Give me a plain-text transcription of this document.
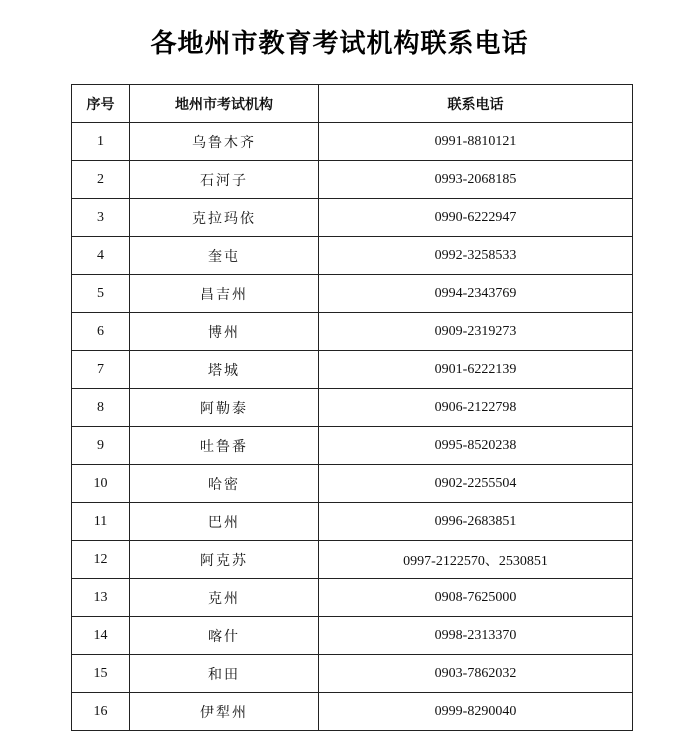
各地州市教育考试机构联系电话
序号	地州市考试机构	联系电话
1	乌鲁木齐	0991-8810121
2	石河子	0993-2068185
3	克拉玛依	0990-6222947
4	奎屯	0992-3258533
5	昌吉州	0994-2343769
6	博州	0909-2319273
7	塔城	0901-6222139
8	阿勒泰	0906-2122798
9	吐鲁番	0995-8520238
10	哈密	0902-2255504
11	巴州	0996-2683851
12	阿克苏	0997-2122570、2530851
13	克州	0908-7625000
14	喀什	0998-2313370
15	和田	0903-7862032
16	伊犁州	0999-8290040
